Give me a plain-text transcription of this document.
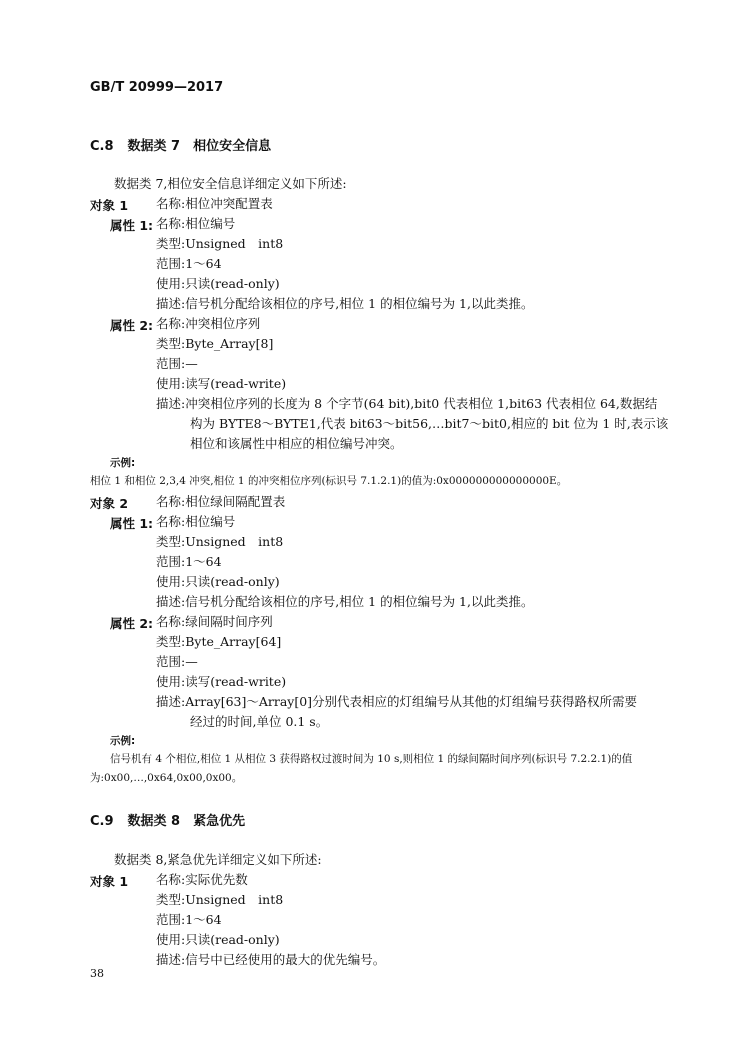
GB/T 20999—2017
C.8 数据类 7　相位安全信息
数据类 7,相位安全信息详细定义如下所述:
对象 1 名称:相位冲突配置表
属性 1: 名称:相位编号
类型:Unsigned　int8
范围:1～64
使用:只读(read-only)
描述:信号机分配给该相位的序号,相位 1 的相位编号为 1,以此类推。
属性 2: 名称:冲突相位序列
类型:Byte_Array[8]
范围:—
使用:读写(read-write)
描述:冲突相位序列的长度为 8 个字节(64 bit),bit0 代表相位 1,bit63 代表相位 64,数据结
构为 BYTE8～BYTE1,代表 bit63～bit56,…bit7～bit0,相应的 bit 位为 1 时,表示该
相位和该属性中相应的相位编号冲突。
示例:
相位 1 和相位 2,3,4 冲突,相位 1 的冲突相位序列(标识号 7.1.2.1)的值为:0x000000000000000E。
对象 2 名称:相位绿间隔配置表
属性 1: 名称:相位编号
类型:Unsigned　int8
范围:1～64
使用:只读(read-only)
描述:信号机分配给该相位的序号,相位 1 的相位编号为 1,以此类推。
属性 2: 名称:绿间隔时间序列
类型:Byte_Array[64]
范围:—
使用:读写(read-write)
描述:Array[63]～Array[0]分别代表相应的灯组编号从其他的灯组编号获得路权所需要
经过的时间,单位 0.1 s。
示例:
信号机有 4 个相位,相位 1 从相位 3 获得路权过渡时间为 10 s,则相位 1 的绿间隔时间序列(标识号 7.2.2.1)的值
为:0x00,…,0x64,0x00,0x00。
C.9 数据类 8　紧急优先
数据类 8,紧急优先详细定义如下所述:
对象 1 名称:实际优先数
类型:Unsigned　int8
范围:1～64
使用:只读(read-only)
描述:信号中已经使用的最大的优先编号。
38
